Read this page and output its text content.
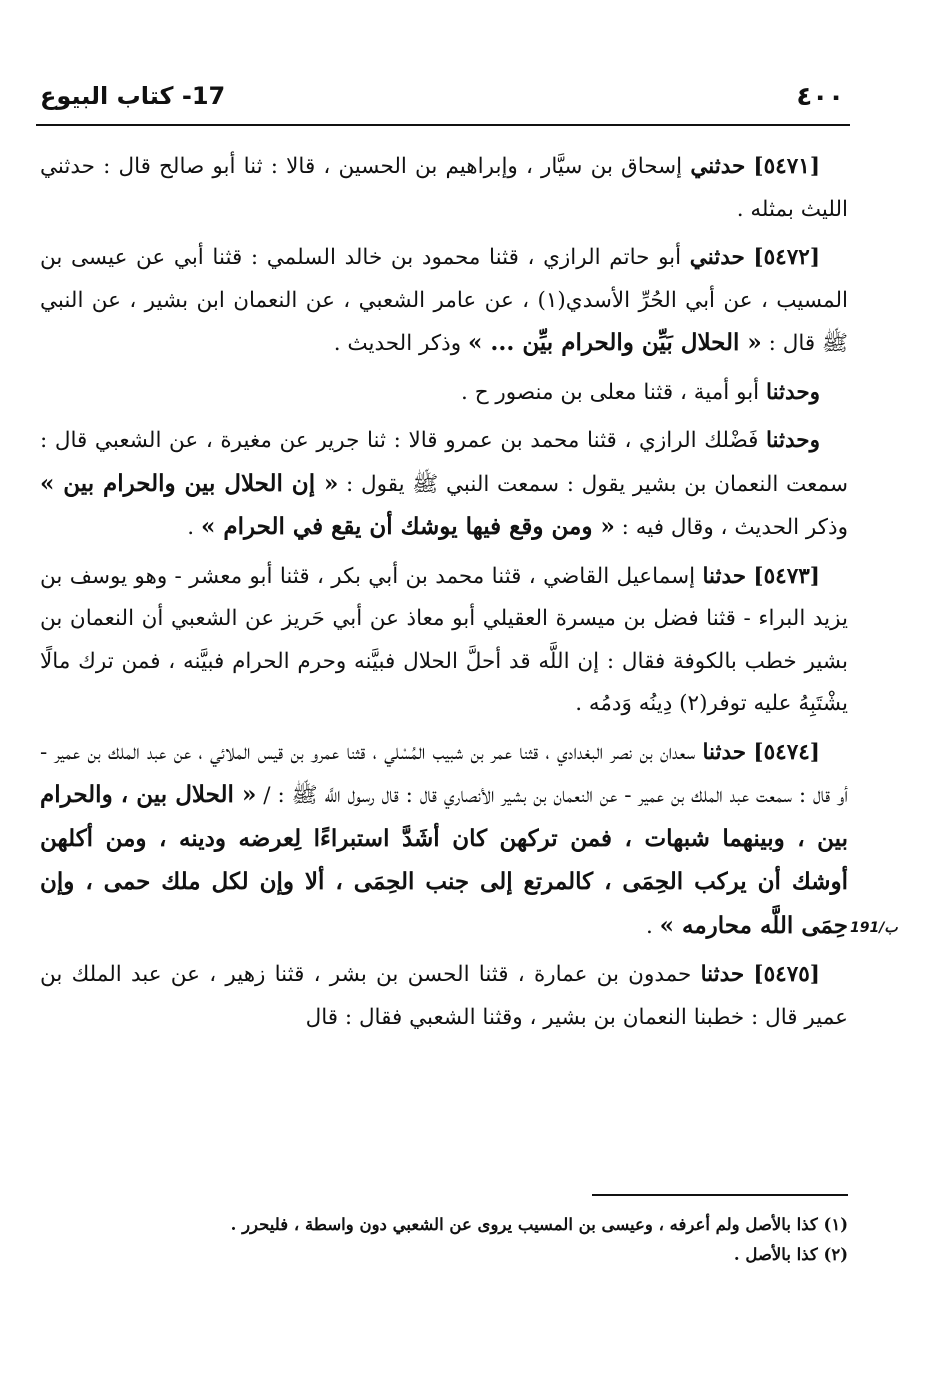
٤٠٠
17- كتاب البيوع

[٥٤٧١] حدثني إسحاق بن سيَّار ، وإبراهيم بن الحسين ، قالا : ثنا أبو صالح قال : حدثني الليث بمثله .

[٥٤٧٢] حدثني أبو حاتم الرازي ، قثنا محمود بن خالد السلمي : قثنا أبي عن عيسى بن المسيب ، عن أبي الحُرِّ الأسدي(١) ، عن عامر الشعبي ، عن النعمان ابن بشير ، عن النبي ﷺ قال : « الحلال بَيِّن والحرام بيِّن ... » وذكر الحديث .

وحدثنا أبو أمية ، قثنا معلى بن منصور ح .

وحدثنا فَضْلك الرازي ، قثنا محمد بن عمرو قالا : ثنا جرير عن مغيرة ، عن الشعبي قال : سمعت النعمان بن بشير يقول : سمعت النبي ﷺ يقول : « إن الحلال بين والحرام بين » وذكر الحديث ، وقال فيه : « ومن وقع فيها يوشك أن يقع في الحرام » .

[٥٤٧٣] حدثنا إسماعيل القاضي ، قثنا محمد بن أبي بكر ، قثنا أبو معشر - وهو يوسف بن يزيد البراء - قثنا فضل بن ميسرة العقيلي أبو معاذ عن أبي حَريز عن الشعبي أن النعمان بن بشير خطب بالكوفة فقال : إن اللَّه قد أحلَّ الحلال فبيَّنه وحرم الحرام فبيَّنه ، فمن ترك مالًا يشْتَبِهُ عليه توفر(٢) دِينُه وَدمُه .

[٥٤٧٤] حدثنا سعدان بن نصر البغدادي ، قثنا عمر بن شبيب المُسْلي ، قثنا عمرو بن قيس الملائي ، عن عبد الملك بن عمير - أو قال : سمعت عبد الملك بن عمير - عن النعمان بن بشير الأنصاري قال : قال رسول اللَّه ﷺ : / « الحلال بين ، والحرام بين ، وبينهما شبهات ، فمن تركهن كان أشَدَّ استبراءًا لِعرضه ودينه ، ومن أكلهن أوشك أن يركب الحِمَى ، كالمرتع إلى جنب الحِمَى ، ألا وإن لكل ملك حمى ، وإن حِمَى اللَّه محارمه » .

[٥٤٧٥] حدثنا حمدون بن عمارة ، قثنا الحسن بن بشر ، قثنا زهير ، عن عبد الملك بن عمير قال : خطبنا النعمان بن بشير ، وقثنا الشعبي فقال : قال

191/ب

(١) كذا بالأصل ولم أعرفه ، وعيسى بن المسيب يروى عن الشعبي دون واسطة ، فليحرر .

(٢) كذا بالأصل .
